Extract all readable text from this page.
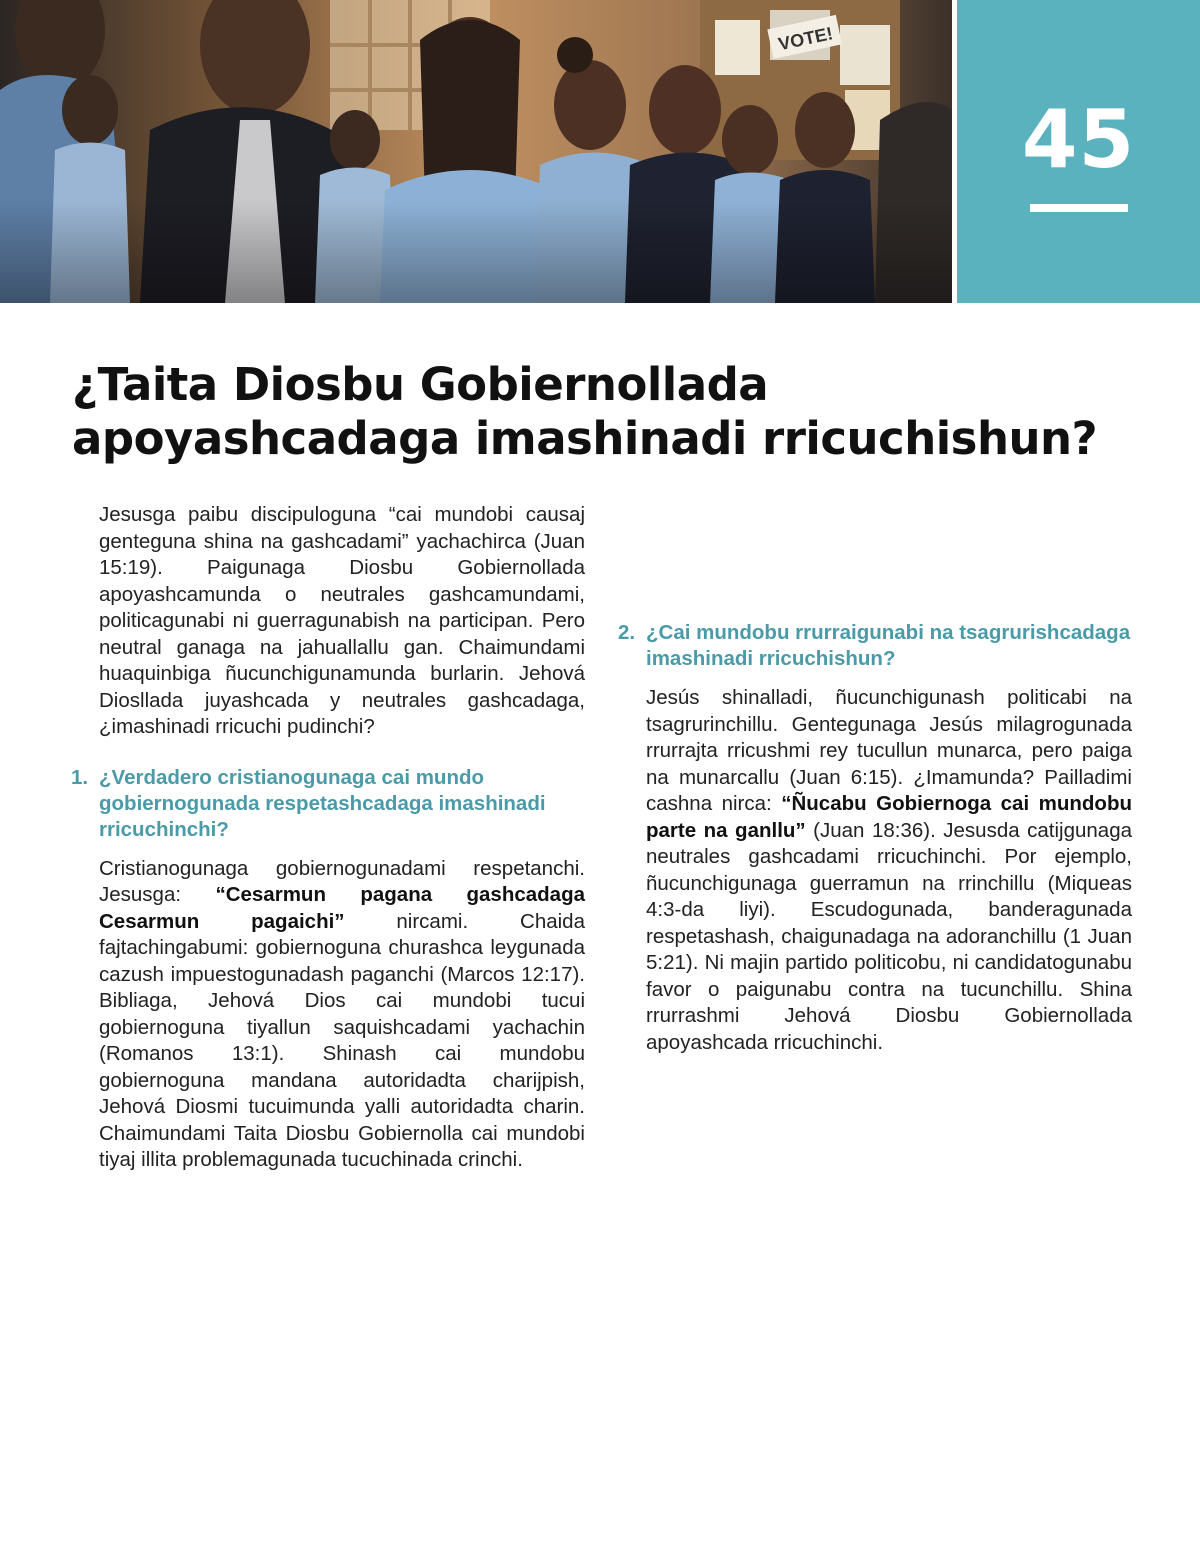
VOTE!
45
¿Taita Diosbu Gobiernollada
apoyashcadaga imashinadi rricuchishun?

Jesusga paibu discipuloguna “cai mundobi causaj genteguna shina na gashcadami” yachachirca (Juan 15:19). Paigunaga Diosbu Gobiernollada apoyashcamunda o neutrales gashcamundami, politicagunabi ni guerragunabish na participan. Pero neutral ganaga na jahuallallu gan. Chaimundami huaquinbiga ñucunchigunamunda burlarin. Jehová Diosllada juyashcada y neutrales gashcadaga, ¿imashinadi rricuchi pudinchi?

1. ¿Verdadero cristianogunaga cai mundo gobiernogunada respetashcadaga imashinadi rricuchinchi?

Cristianogunaga gobiernogunadami respetanchi. Jesusga: “Cesarmun pagana gashcadaga Cesarmun pagaichi” nircami. Chaida fajtachingabumi: gobiernoguna churashca leygunada cazush impuestogunadash paganchi (Marcos 12:17). Bibliaga, Jehová Dios cai mundobi tucui gobiernoguna tiyallun saquishcadami yachachin (Romanos 13:1). Shinash cai mundobu gobiernoguna mandana autoridadta charijpish, Jehová Diosmi tucuimunda yalli autoridadta charin. Chaimundami Taita Diosbu Gobiernolla cai mundobi tiyaj illita problemagunada tucuchinada crinchi.

2. ¿Cai mundobu rrurraigunabi na tsagrurishcadaga imashinadi rricuchishun?

Jesús shinalladi, ñucunchigunash politicabi na tsagrurinchillu. Gentegunaga Jesús milagrogunada rrurrajta rricushmi rey tucullun munarca, pero paiga na munarcallu (Juan 6:15). ¿Imamunda? Pailladimi cashna nirca: “Ñucabu Gobiernoga cai mundobu parte na ganllu” (Juan 18:36). Jesusda catijgunaga neutrales gashcadami rricuchinchi. Por ejemplo, ñucunchigunaga guerramun na rrinchillu (Miqueas 4:3-da liyi). Escudogunada, banderagunada respetashash, chaigunadaga na adoranchillu (1 Juan 5:21). Ni majin partido politicobu, ni candidatogunabu favor o paigunabu contra na tucunchillu. Shina rrurrashmi Jehová Diosbu Gobiernollada apoyashcada rricuchinchi.
